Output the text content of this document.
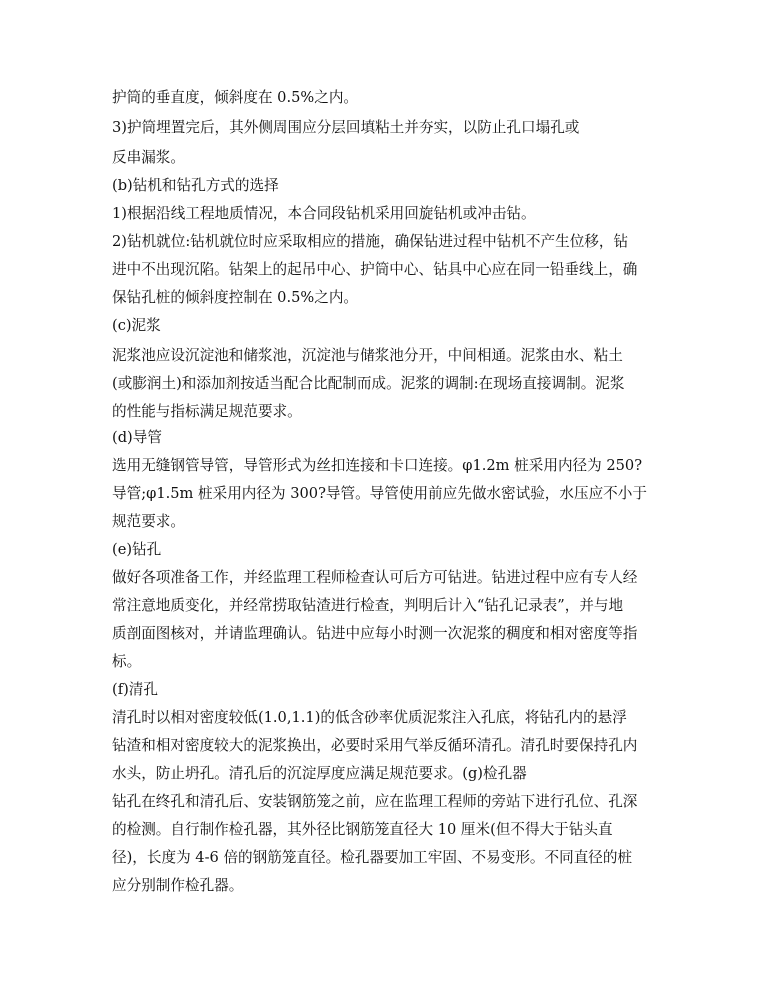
护筒的垂直度，倾斜度在 0.5%之内。
3)护筒埋置完后，其外侧周围应分层回填粘土并夯实，以防止孔口塌孔或
反串漏浆。
(b)钻机和钻孔方式的选择
1)根据沿线工程地质情况，本合同段钻机采用回旋钻机或冲击钻。
2)钻机就位:钻机就位时应采取相应的措施，确保钻进过程中钻机不产生位移，钻
进中不出现沉陷。钻架上的起吊中心、护筒中心、钻具中心应在同一铅垂线上，确
保钻孔桩的倾斜度控制在 0.5%之内。
(c)泥浆
泥浆池应设沉淀池和储浆池，沉淀池与储浆池分开，中间相通。泥浆由水、粘土
(或膨润土)和添加剂按适当配合比配制而成。泥浆的调制:在现场直接调制。泥浆
的性能与指标满足规范要求。
(d)导管
选用无缝钢管导管，导管形式为丝扣连接和卡口连接。φ1.2m 桩采用内径为 250?
导管;φ1.5m 桩采用内径为 300?导管。导管使用前应先做水密试验，水压应不小于
规范要求。
(e)钻孔
做好各项准备工作，并经监理工程师检查认可后方可钻进。钻进过程中应有专人经
常注意地质变化，并经常捞取钻渣进行检查，判明后计入“钻孔记录表”，并与地
质剖面图核对，并请监理确认。钻进中应每小时测一次泥浆的稠度和相对密度等指
标。
(f)清孔
清孔时以相对密度较低(1.0,1.1)的低含砂率优质泥浆注入孔底，将钻孔内的悬浮
钻渣和相对密度较大的泥浆换出，必要时采用气举反循环清孔。清孔时要保持孔内
水头，防止坍孔。清孔后的沉淀厚度应满足规范要求。(g)检孔器
钻孔在终孔和清孔后、安装钢筋笼之前，应在监理工程师的旁站下进行孔位、孔深
的检测。自行制作检孔器，其外径比钢筋笼直径大 10 厘米(但不得大于钻头直
径)，长度为 4-6 倍的钢筋笼直径。检孔器要加工牢固、不易变形。不同直径的桩
应分别制作检孔器。
